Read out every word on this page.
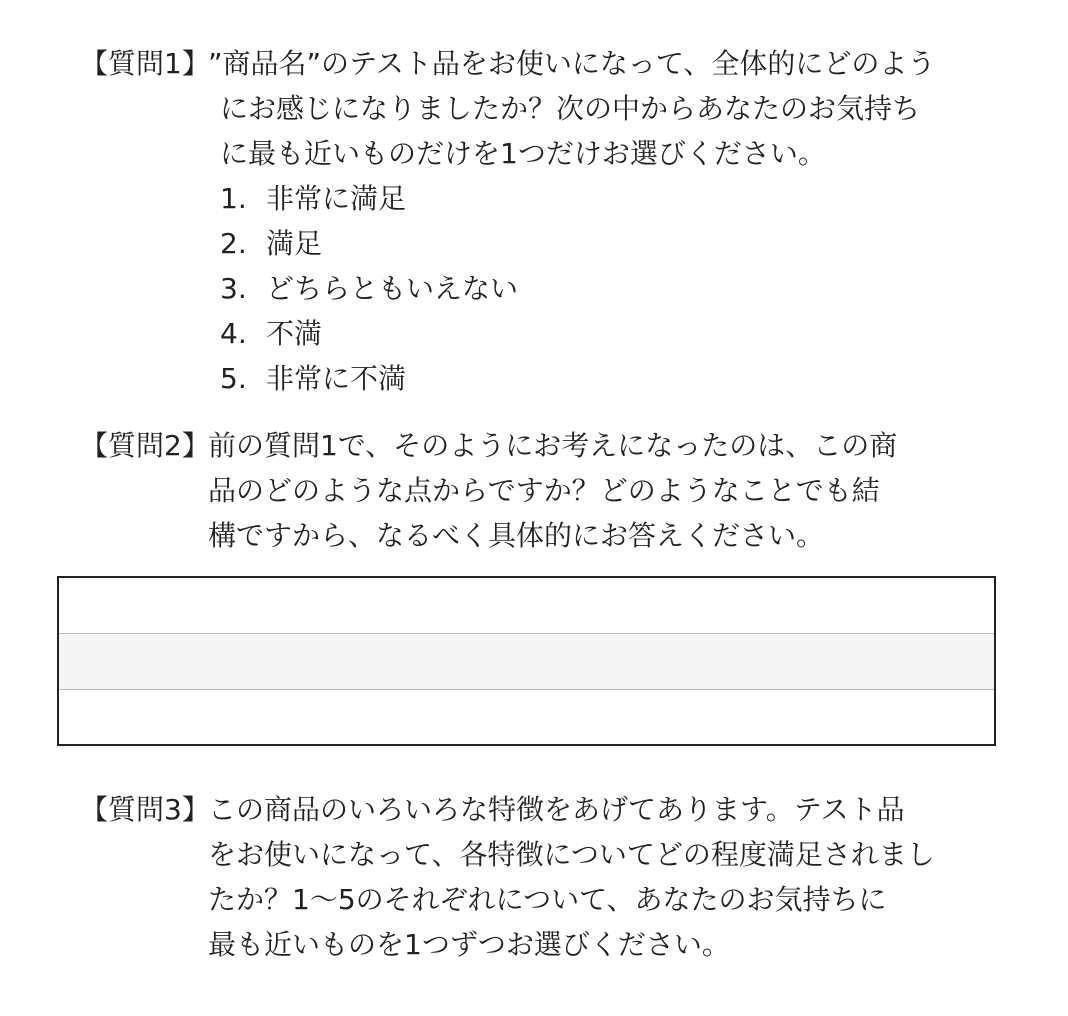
【質問1】
”商品名”のテスト品をお使いになって、全体的にどのよう
にお感じになりましたか？次の中からあなたのお気持ち
に最も近いものだけを1つだけお選びください。
1. 非常に満足
2. 満足
3. どちらともいえない
4. 不満
5. 非常に不満
【質問2】
前の質問1で、そのようにお考えになったのは、この商
品のどのような点からですか？どのようなことでも結
構ですから、なるべく具体的にお答えください。
【質問3】
この商品のいろいろな特徴をあげてあります。テスト品
をお使いになって、各特徴についてどの程度満足されまし
たか？1〜5のそれぞれについて、あなたのお気持ちに
最も近いものを1つずつお選びください。
